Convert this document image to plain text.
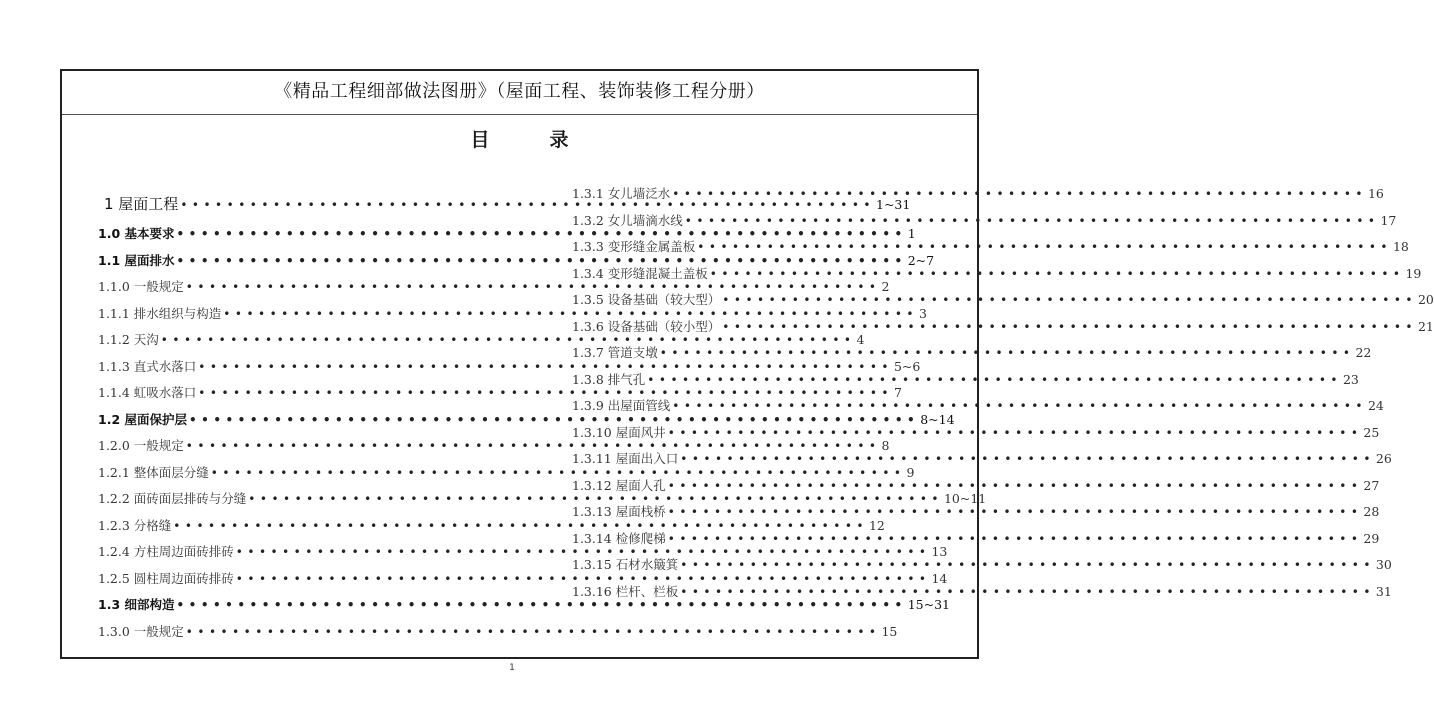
《精品工程细部做法图册》（屋面工程、装饰装修工程分册）
目	录
1 屋面工程 •••••••••••••••••••••••••••••••••••••••••••••••••••••••••••• 1~31
1.0 基本要求 •••••••••••••••••••••••••••••••••••••••••••••••••••••••••••• 1
1.1 屋面排水 •••••••••••••••••••••••••••••••••••••••••••••••••••••••••••• 2~7
1.1.0 一般规定 •••••••••••••••••••••••••••••••••••••••••••••••••••••••••••• 2
1.1.1 排水组织与构造 •••••••••••••••••••••••••••••••••••••••••••••••••••••••••••• 3
1.1.2 天沟 •••••••••••••••••••••••••••••••••••••••••••••••••••••••••••• 4
1.1.3 直式水落口 •••••••••••••••••••••••••••••••••••••••••••••••••••••••••••• 5~6
1.1.4 虹吸水落口 •••••••••••••••••••••••••••••••••••••••••••••••••••••••••••• 7
1.2 屋面保护层 •••••••••••••••••••••••••••••••••••••••••••••••••••••••••••• 8~14
1.2.0 一般规定 •••••••••••••••••••••••••••••••••••••••••••••••••••••••••••• 8
1.2.1 整体面层分缝 •••••••••••••••••••••••••••••••••••••••••••••••••••••••••••• 9
1.2.2 面砖面层排砖与分缝 •••••••••••••••••••••••••••••••••••••••••••••••••••••••••••• 10~11
1.2.3 分格缝 •••••••••••••••••••••••••••••••••••••••••••••••••••••••••••• 12
1.2.4 方柱周边面砖排砖 •••••••••••••••••••••••••••••••••••••••••••••••••••••••••••• 13
1.2.5 圆柱周边面砖排砖 •••••••••••••••••••••••••••••••••••••••••••••••••••••••••••• 14
1.3 细部构造 •••••••••••••••••••••••••••••••••••••••••••••••••••••••••••• 15~31
1.3.0 一般规定 •••••••••••••••••••••••••••••••••••••••••••••••••••••••••••• 15
1.3.1 女儿墙泛水 •••••••••••••••••••••••••••••••••••••••••••••••••••••••••••• 16
1.3.2 女儿墙滴水线 •••••••••••••••••••••••••••••••••••••••••••••••••••••••••••• 17
1.3.3 变形缝金属盖板 •••••••••••••••••••••••••••••••••••••••••••••••••••••••••••• 18
1.3.4 变形缝混凝土盖板 •••••••••••••••••••••••••••••••••••••••••••••••••••••••••••• 19
1.3.5 设备基础（较大型） •••••••••••••••••••••••••••••••••••••••••••••••••••••••••••• 20
1.3.6 设备基础（较小型） •••••••••••••••••••••••••••••••••••••••••••••••••••••••••••• 21
1.3.7 管道支墩 •••••••••••••••••••••••••••••••••••••••••••••••••••••••••••• 22
1.3.8 排气孔 •••••••••••••••••••••••••••••••••••••••••••••••••••••••••••• 23
1.3.9 出屋面管线 •••••••••••••••••••••••••••••••••••••••••••••••••••••••••••• 24
1.3.10 屋面风井 •••••••••••••••••••••••••••••••••••••••••••••••••••••••••••• 25
1.3.11 屋面出入口 •••••••••••••••••••••••••••••••••••••••••••••••••••••••••••• 26
1.3.12 屋面人孔 •••••••••••••••••••••••••••••••••••••••••••••••••••••••••••• 27
1.3.13 屋面栈桥 •••••••••••••••••••••••••••••••••••••••••••••••••••••••••••• 28
1.3.14 检修爬梯 •••••••••••••••••••••••••••••••••••••••••••••••••••••••••••• 29
1.3.15 石材水簸箕 •••••••••••••••••••••••••••••••••••••••••••••••••••••••••••• 30
1.3.16 栏杆、栏板 •••••••••••••••••••••••••••••••••••••••••••••••••••••••••••• 31
1
